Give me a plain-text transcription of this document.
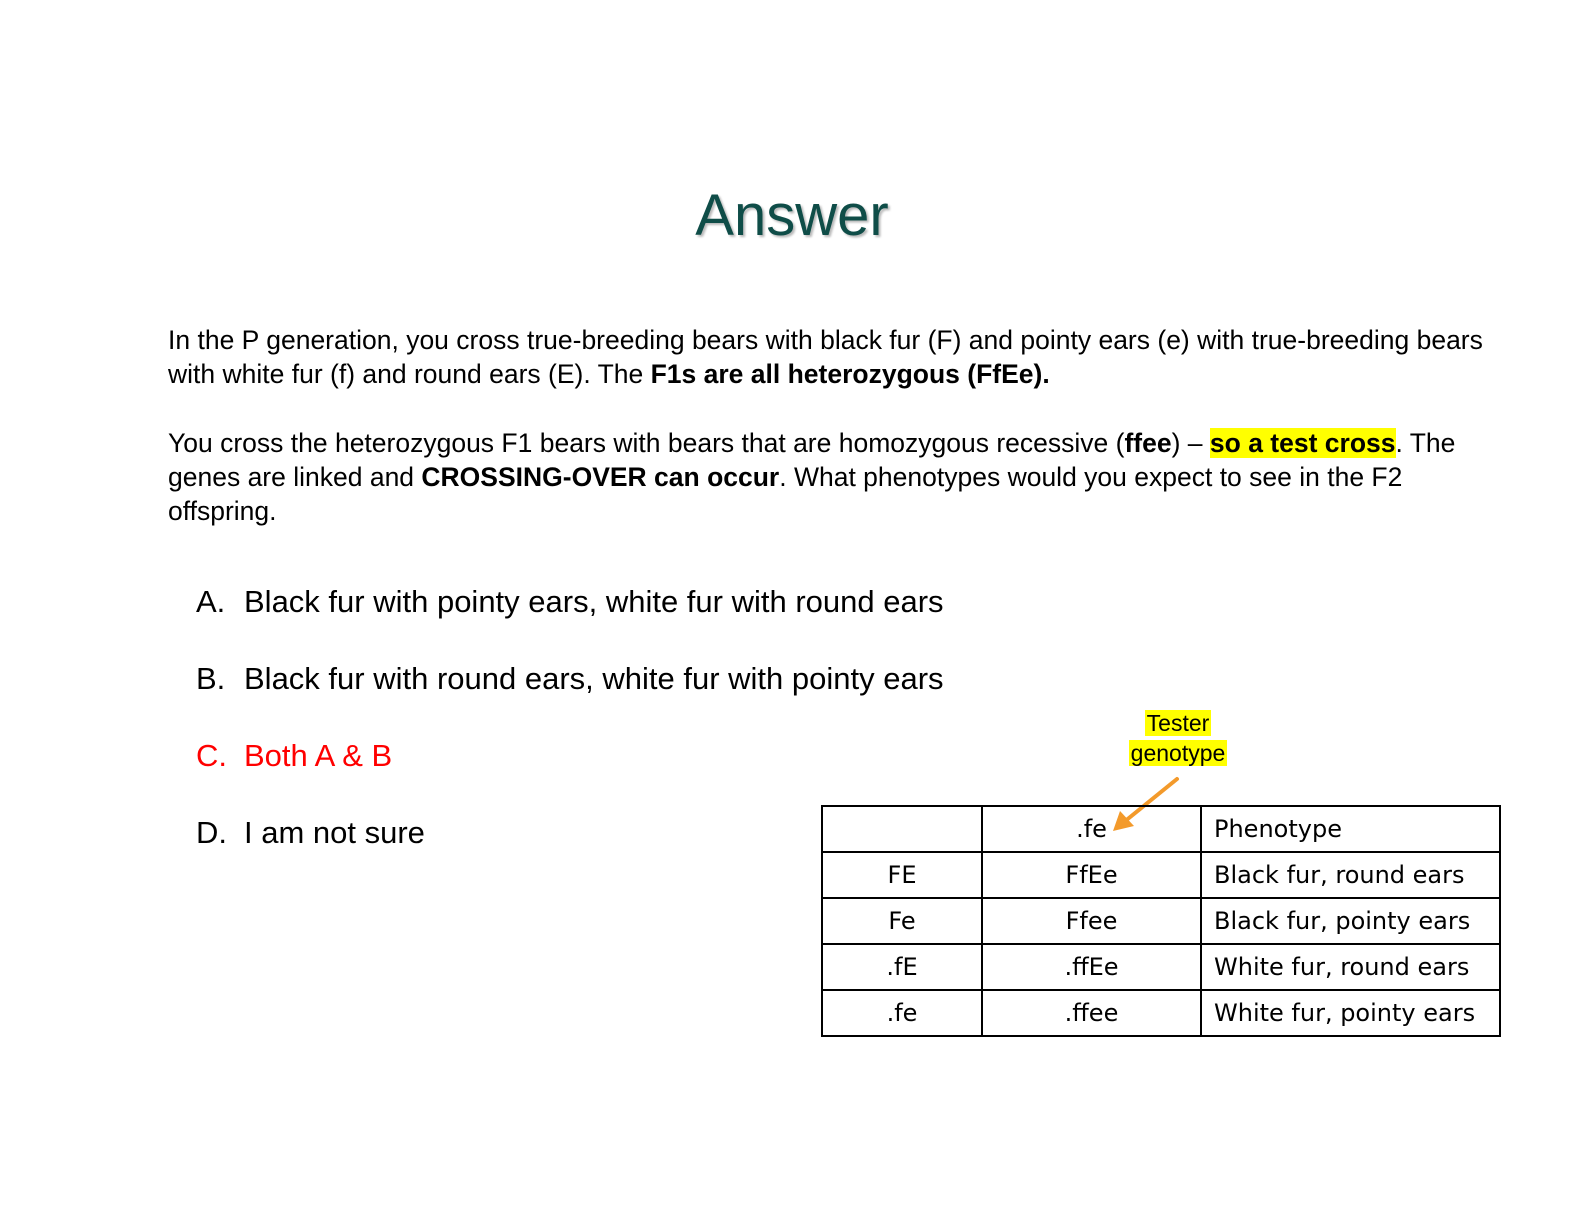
Answer

In the P generation, you cross true-breeding bears with black fur (F) and pointy ears (e) with true-breeding bears with white fur (f) and round ears (E). The F1s are all heterozygous (FfEe).

You cross the heterozygous F1 bears with bears that are homozygous recessive (ffee) – so a test cross. The genes are linked and CROSSING-OVER can occur. What phenotypes would you expect to see in the F2 offspring.

A. Black fur with pointy ears, white fur with round ears

B. Black fur with round ears, white fur with pointy ears

C. Both A & B

D. I am not sure

Tester
genotype
	.fe	Phenotype
FE	FfEe	Black fur, round ears
Fe	Ffee	Black fur, pointy ears
.fE	.ffEe	White fur, round ears
.fe	.ffee	White fur, pointy ears
